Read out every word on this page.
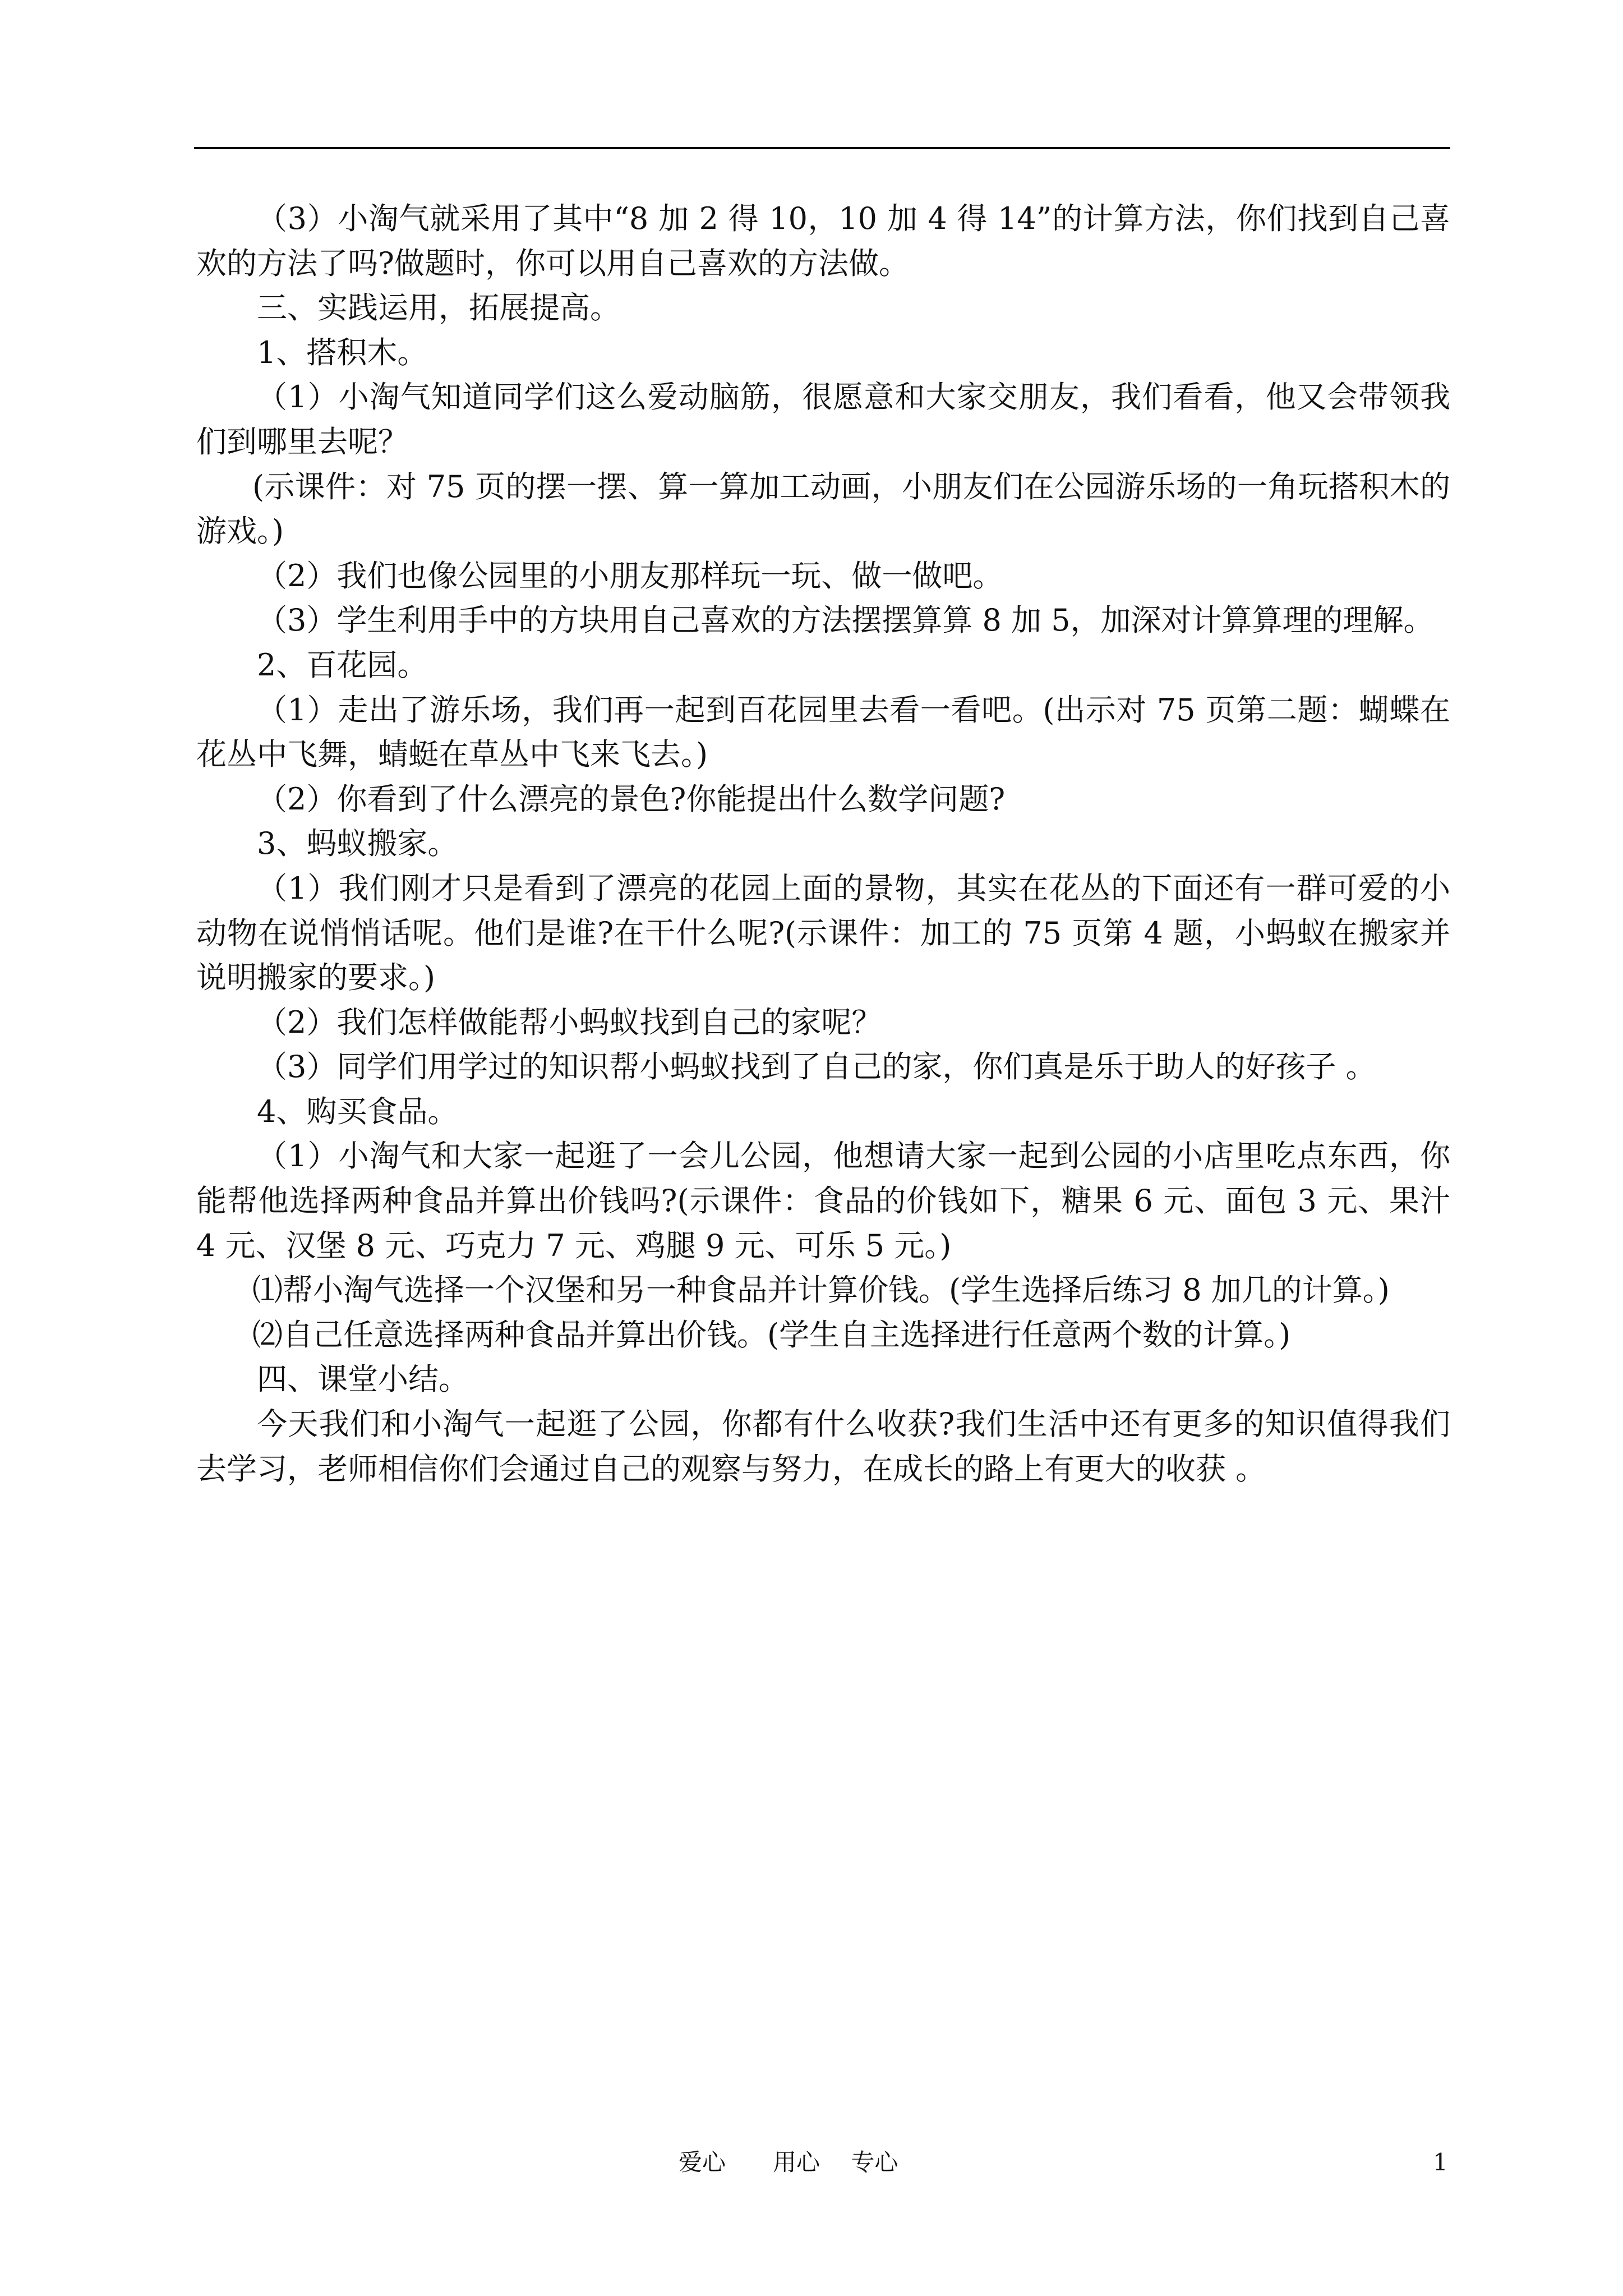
（3）小淘气就采用了其中“8 加 2 得 10，10 加 4 得 14”的计算方法，你们找到自己喜欢的方法了吗?做题时，你可以用自己喜欢的方法做。

三、实践运用，拓展提高。

1、搭积木。

（1）小淘气知道同学们这么爱动脑筋，很愿意和大家交朋友，我们看看，他又会带领我们到哪里去呢？

(示课件：对 75 页的摆一摆、算一算加工动画，小朋友们在公园游乐场的一角玩搭积木的游戏。)

（2）我们也像公园里的小朋友那样玩一玩、做一做吧。

（3）学生利用手中的方块用自己喜欢的方法摆摆算算 8 加 5，加深对计算算理的理解。

2、百花园。

（1）走出了游乐场，我们再一起到百花园里去看一看吧。(出示对 75 页第二题：蝴蝶在花丛中飞舞，蜻蜓在草丛中飞来飞去。)

（2）你看到了什么漂亮的景色?你能提出什么数学问题?

3、蚂蚁搬家。

（1）我们刚才只是看到了漂亮的花园上面的景物，其实在花丛的下面还有一群可爱的小动物在说悄悄话呢。他们是谁?在干什么呢?(示课件：加工的 75 页第 4 题，小蚂蚁在搬家并说明搬家的要求。)

（2）我们怎样做能帮小蚂蚁找到自己的家呢？

（3）同学们用学过的知识帮小蚂蚁找到了自己的家，你们真是乐于助人的好孩子 。

4、购买食品。

（1）小淘气和大家一起逛了一会儿公园，他想请大家一起到公园的小店里吃点东西，你能帮他选择两种食品并算出价钱吗?(示课件：食品的价钱如下，糖果 6 元、面包 3 元、果汁 4 元、汉堡 8 元、巧克力 7 元、鸡腿 9 元、可乐 5 元。)

⑴帮小淘气选择一个汉堡和另一种食品并计算价钱。(学生选择后练习 8 加几的计算。)

⑵自己任意选择两种食品并算出价钱。(学生自主选择进行任意两个数的计算。)

四、课堂小结。

今天我们和小淘气一起逛了公园，你都有什么收获?我们生活中还有更多的知识值得我们去学习，老师相信你们会通过自己的观察与努力，在成长的路上有更大的收获 。

爱心　　用心　 专心	1
